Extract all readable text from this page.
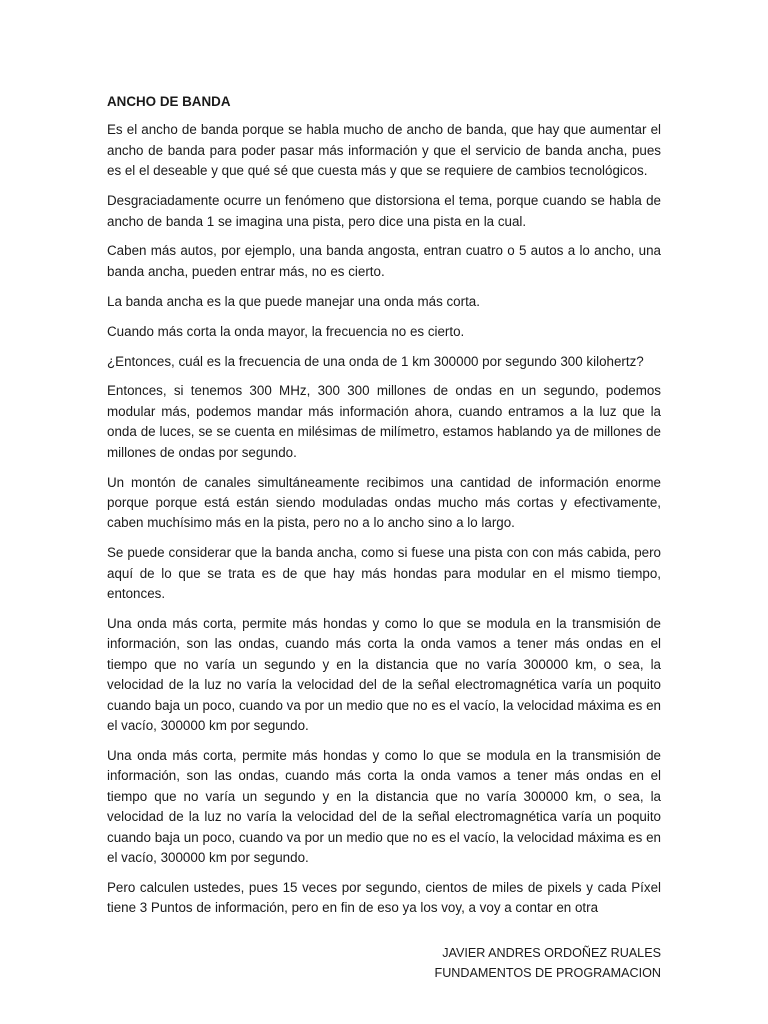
ANCHO DE BANDA

Es el ancho de banda porque se habla mucho de ancho de banda, que hay que aumentar el ancho de banda para poder pasar más información y que el servicio de banda ancha, pues es el el deseable y que qué sé que cuesta más y que se requiere de cambios tecnológicos.

Desgraciadamente ocurre un fenómeno que distorsiona el tema, porque cuando se habla de ancho de banda 1 se imagina una pista, pero dice una pista en la cual.

Caben más autos, por ejemplo, una banda angosta, entran cuatro o 5 autos a lo ancho, una banda ancha, pueden entrar más, no es cierto.

La banda ancha es la que puede manejar una onda más corta.

Cuando más corta la onda mayor, la frecuencia no es cierto.

¿Entonces, cuál es la frecuencia de una onda de 1 km 300000 por segundo 300 kilohertz?

Entonces, si tenemos 300 MHz, 300 300 millones de ondas en un segundo, podemos modular más, podemos mandar más información ahora, cuando entramos a la luz que la onda de luces, se se cuenta en milésimas de milímetro, estamos hablando ya de millones de millones de ondas por segundo.

Un montón de canales simultáneamente recibimos una cantidad de información enorme porque porque está están siendo moduladas ondas mucho más cortas y efectivamente, caben muchísimo más en la pista, pero no a lo ancho sino a lo largo.

Se puede considerar que la banda ancha, como si fuese una pista con con más cabida, pero aquí de lo que se trata es de que hay más hondas para modular en el mismo tiempo, entonces.

Una onda más corta, permite más hondas y como lo que se modula en la transmisión de información, son las ondas, cuando más corta la onda vamos a tener más ondas en el tiempo que no varía un segundo y en la distancia que no varía 300000 km, o sea, la velocidad de la luz no varía la velocidad del de la señal electromagnética varía un poquito cuando baja un poco, cuando va por un medio que no es el vacío, la velocidad máxima es en el vacío, 300000 km por segundo.

Una onda más corta, permite más hondas y como lo que se modula en la transmisión de información, son las ondas, cuando más corta la onda vamos a tener más ondas en el tiempo que no varía un segundo y en la distancia que no varía 300000 km, o sea, la velocidad de la luz no varía la velocidad del de la señal electromagnética varía un poquito cuando baja un poco, cuando va por un medio que no es el vacío, la velocidad máxima es en el vacío, 300000 km por segundo.

Pero calculen ustedes, pues 15 veces por segundo, cientos de miles de pixels y cada Píxel tiene 3 Puntos de información, pero en fin de eso ya los voy, a voy a contar en otra

JAVIER ANDRES ORDOÑEZ RUALES
FUNDAMENTOS DE PROGRAMACION
